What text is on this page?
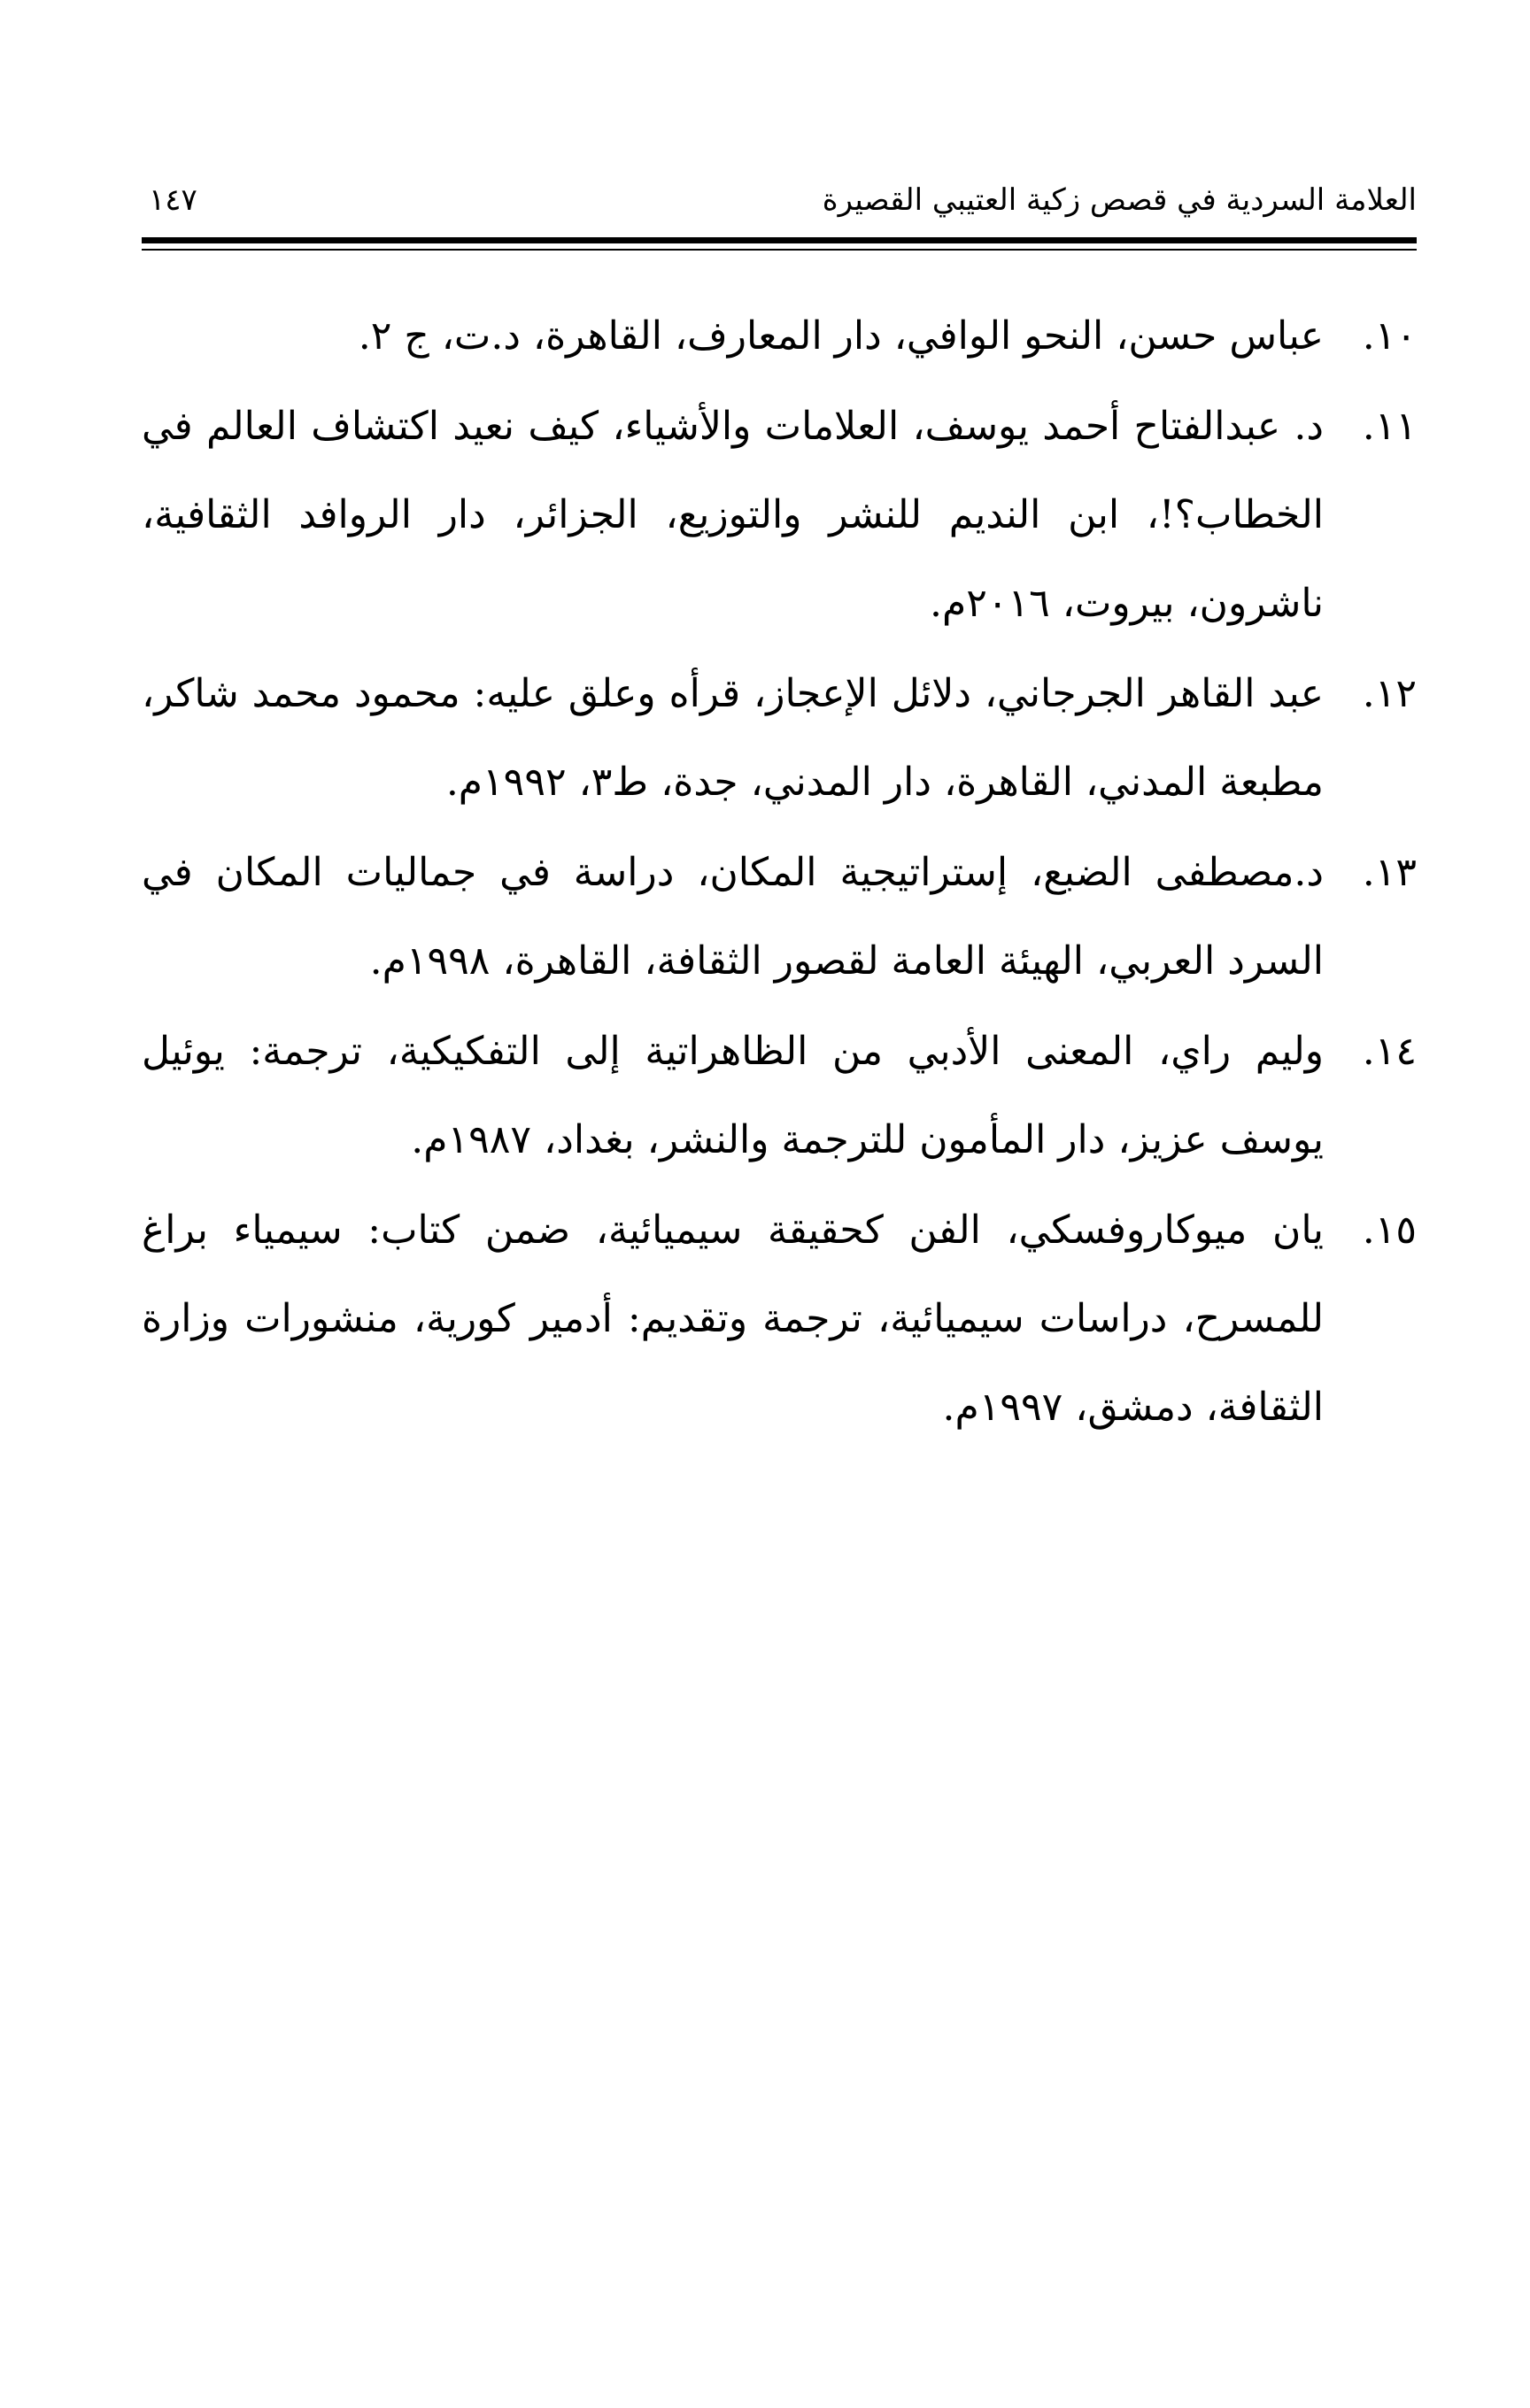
العلامة السردية في قصص زكية العتيبي القصيرة
١٤٧
١٠.
عباس حسن، النحو الوافي، دار المعارف، القاهرة، د.ت، ج ٢.
١١.
د. عبدالفتاح أحمد يوسف، العلامات والأشياء، كيف نعيد اكتشاف العالم في الخطاب؟!، ابن النديم للنشر والتوزيع، الجزائر، دار الروافد الثقافية، ناشرون، بيروت، ٢٠١٦م.
١٢.
عبد القاهر الجرجاني، دلائل الإعجاز، قرأه وعلق عليه: محمود محمد شاكر، مطبعة المدني، القاهرة، دار المدني، جدة، ط٣، ١٩٩٢م.
١٣.
د.مصطفى الضبع، إستراتيجية المكان، دراسة في جماليات المكان في السرد العربي، الهيئة العامة لقصور الثقافة، القاهرة، ١٩٩٨م.
١٤.
وليم راي، المعنى الأدبي من الظاهراتية إلى التفكيكية، ترجمة: يوئيل يوسف عزيز، دار المأمون للترجمة والنشر، بغداد، ١٩٨٧م.
١٥.
يان ميوكاروفسكي، الفن كحقيقة سيميائية، ضمن كتاب: سيمياء براغ للمسرح، دراسات سيميائية، ترجمة وتقديم: أدمير كورية، منشورات وزارة الثقافة، دمشق، ١٩٩٧م.
